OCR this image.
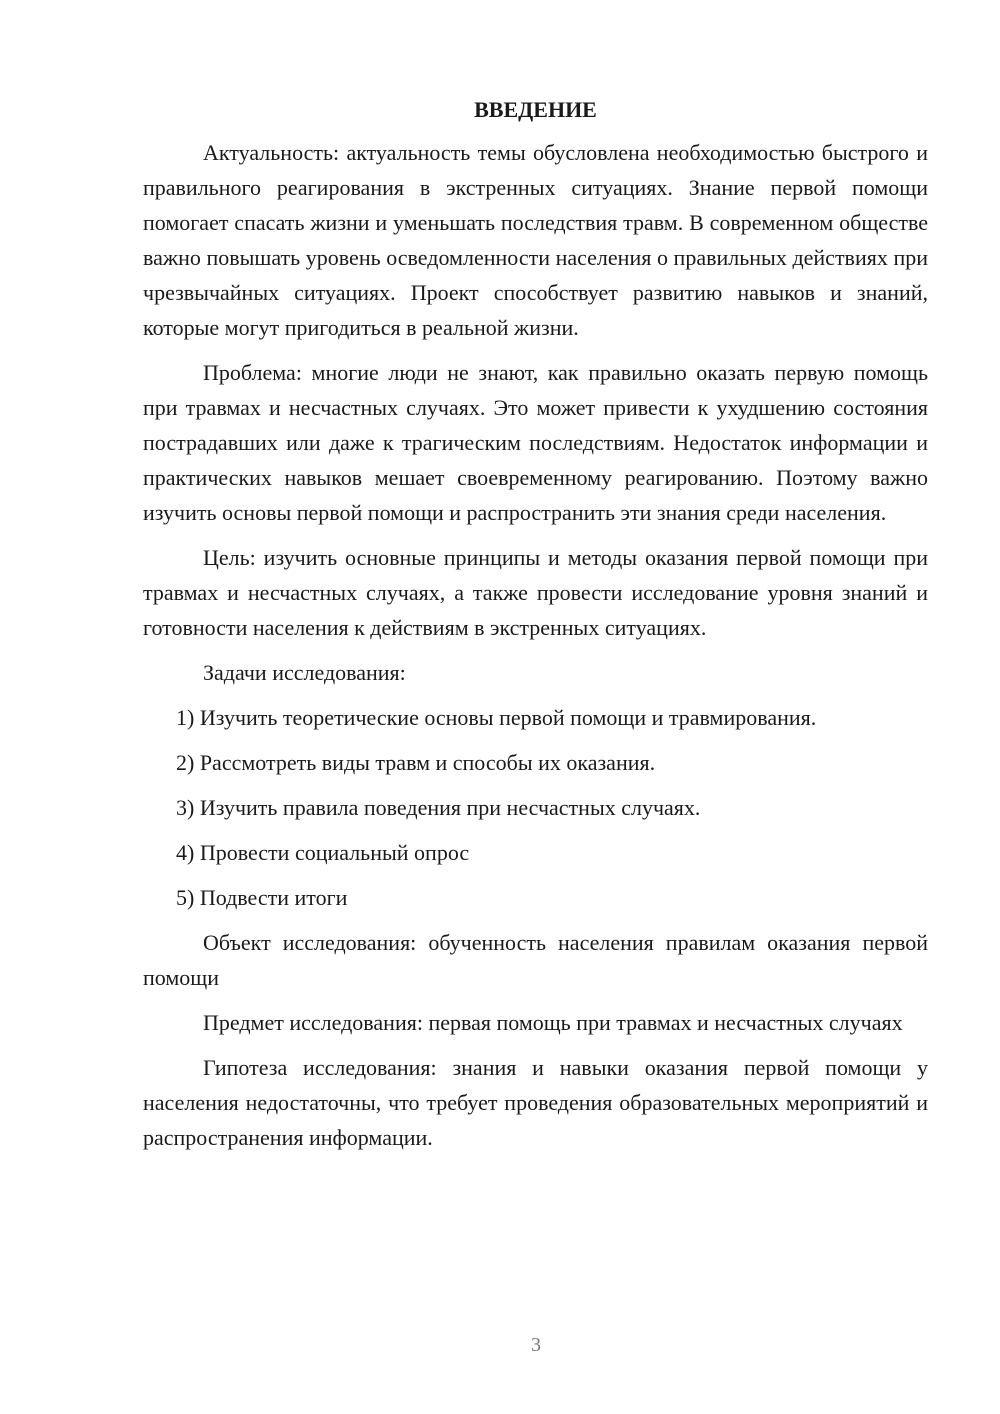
ВВЕДЕНИЕ

Актуальность: актуальность темы обусловлена необходимостью быстрого и правильного реагирования в экстренных ситуациях. Знание первой помощи помогает спасать жизни и уменьшать последствия травм. В современном обществе важно повышать уровень осведомленности населения о правильных действиях при чрезвычайных ситуациях. Проект способствует развитию навыков и знаний, которые могут пригодиться в реальной жизни.

Проблема: многие люди не знают, как правильно оказать первую помощь при травмах и несчастных случаях. Это может привести к ухудшению состояния пострадавших или даже к трагическим последствиям. Недостаток информации и практических навыков мешает своевременному реагированию. Поэтому важно изучить основы первой помощи и распространить эти знания среди населения.

Цель: изучить основные принципы и методы оказания первой помощи при травмах и несчастных случаях, а также провести исследование уровня знаний и готовности населения к действиям в экстренных ситуациях.

Задачи исследования:

1) Изучить теоретические основы первой помощи и травмирования.
2) Рассмотреть виды травм и способы их оказания.
3) Изучить правила поведения при несчастных случаях.
4) Провести социальный опрос
5) Подвести итоги

Объект исследования: обученность населения правилам оказания первой помощи

Предмет исследования: первая помощь при травмах и несчастных случаях

Гипотеза исследования: знания и навыки оказания первой помощи у населения недостаточны, что требует проведения образовательных мероприятий и распространения информации.

3
